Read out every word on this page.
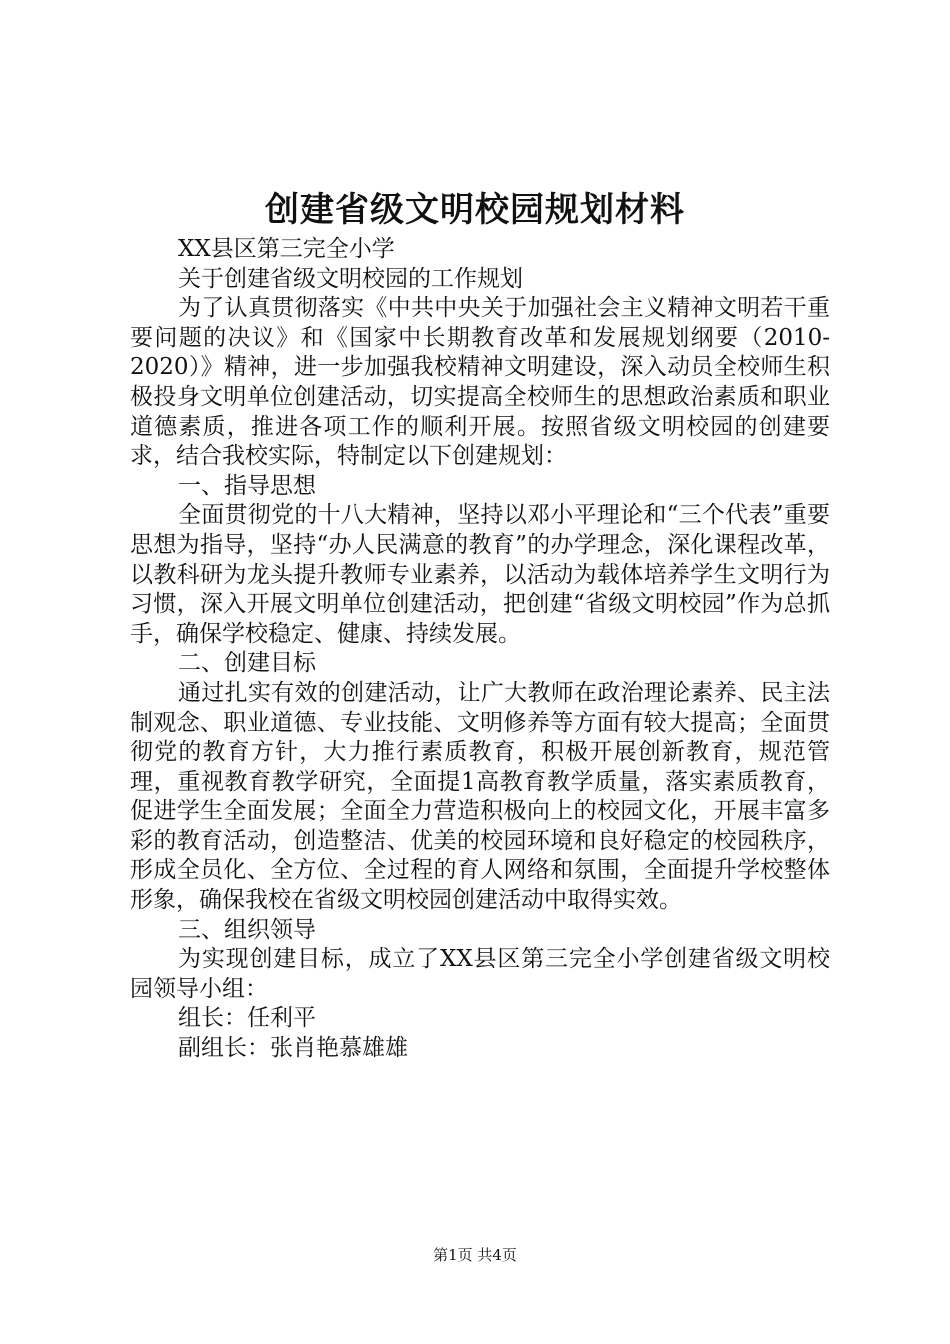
创建省级文明校园规划材料

XX县区第三完全小学

关于创建省级文明校园的工作规划

为了认真贯彻落实《中共中央关于加强社会主义精神文明若干重要问题的决议》和《国家中长期教育改革和发展规划纲要（2010-2020）》精神，进一步加强我校精神文明建设，深入动员全校师生积极投身文明单位创建活动，切实提高全校师生的思想政治素质和职业道德素质，推进各项工作的顺利开展。按照省级文明校园的创建要求，结合我校实际，特制定以下创建规划：

一、指导思想

全面贯彻党的十八大精神，坚持以邓小平理论和“三个代表”重要思想为指导，坚持“办人民满意的教育”的办学理念，深化课程改革，以教科研为龙头提升教师专业素养，以活动为载体培养学生文明行为习惯，深入开展文明单位创建活动，把创建“省级文明校园”作为总抓手，确保学校稳定、健康、持续发展。

二、创建目标

通过扎实有效的创建活动，让广大教师在政治理论素养、民主法制观念、职业道德、专业技能、文明修养等方面有较大提高；全面贯彻党的教育方针，大力推行素质教育，积极开展创新教育，规范管理，重视教育教学研究，全面提1高教育教学质量，落实素质教育，促进学生全面发展；全面全力营造积极向上的校园文化，开展丰富多彩的教育活动，创造整洁、优美的校园环境和良好稳定的校园秩序，形成全员化、全方位、全过程的育人网络和氛围，全面提升学校整体形象，确保我校在省级文明校园创建活动中取得实效。

三、组织领导

为实现创建目标，成立了XX县区第三完全小学创建省级文明校园领导小组：

组长：任利平

副组长：张肖艳慕雄雄

第1页 共4页
